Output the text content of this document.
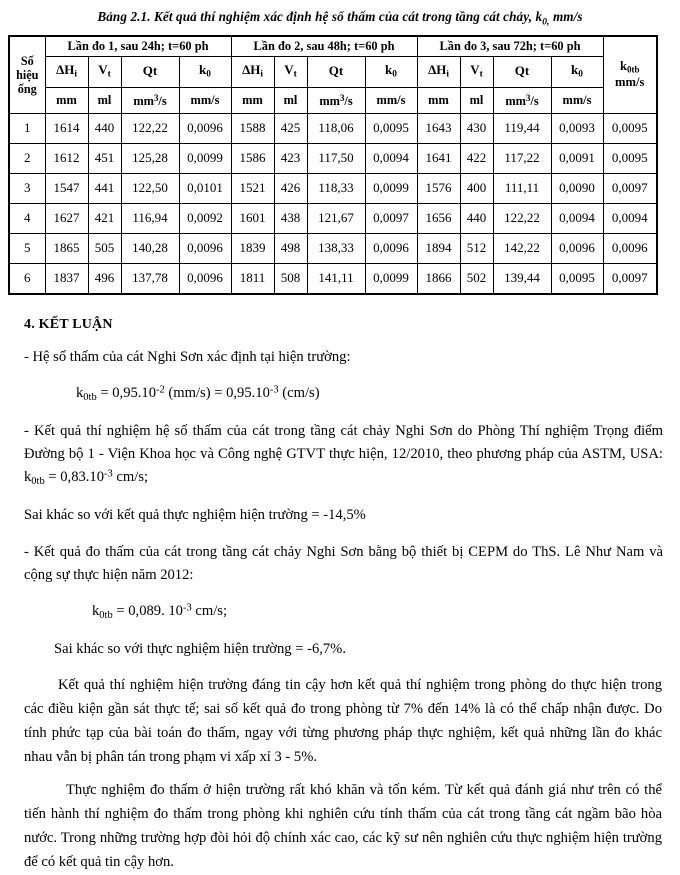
Bảng 2.1. Kết quả thí nghiệm xác định hệ số thấm của cát trong tầng cát chảy, $k_{0,}$ mm/s
Số hiệu ống	Lần đo 1, sau 24h; t=60 ph				Lần đo 2, sau 48h; t=60 ph				Lần đo 3, sau 72h; t=60 ph				$k_{0tb}$
mm/s
	$\Delta H_i$	$V_t$	Qt	$k_0$	$\Delta H_i$	$V_t$	Qt	$k_0$	$\Delta H_i$	$V_t$	Qt	$k_0$
	mm	ml	$mm^3/s$	mm/s	mm	ml	$mm^3/s$	mm/s	mm	ml	$mm^3/s$	mm/s	
1	1614	440	122,22	0,0096	1588	425	118,06	0,0095	1643	430	119,44	0,0093	0,0095
2	1612	451	125,28	0,0099	1586	423	117,50	0,0094	1641	422	117,22	0,0091	0,0095
3	1547	441	122,50	0,0101	1521	426	118,33	0,0099	1576	400	111,11	0,0090	0,0097
4	1627	421	116,94	0,0092	1601	438	121,67	0,0097	1656	440	122,22	0,0094	0,0094
5	1865	505	140,28	0,0096	1839	498	138,33	0,0096	1894	512	142,22	0,0096	0,0096
6	1837	496	137,78	0,0096	1811	508	141,11	0,0099	1866	502	139,44	0,0095	0,0097
4. KẾT LUẬN

- Hệ số thấm của cát Nghi Sơn xác định tại hiện trường:

$k_{0tb} = 0,95.10^{-2}$ $(mm/s) = 0,95.10^{-3}$ (cm/s)

- Kết quả thí nghiệm hệ số thấm của cát trong tầng cát chảy Nghi Sơn do Phòng Thí nghiệm Trọng điểm Đường bộ 1 - Viện Khoa học và Công nghệ GTVT thực hiện, 12/2010, theo phương pháp của ASTM, USA: $k_{0tb} = 0,83.10^{-3}$ cm/s;

Sai khác so với kết quả thực nghiệm hiện trường = -14,5%

- Kết quả đo thấm của cát trong tầng cát chảy Nghi Sơn bằng bộ thiết bị CEPM do ThS. Lê Như Nam và cộng sự thực hiện năm 2012:

$k_{0tb} = 0,089$. $10^{-3}$ cm/s;

Sai khác so với thực nghiệm hiện trường = -6,7%.

Kết quả thí nghiệm hiện trường đáng tin cậy hơn kết quả thí nghiệm trong phòng do thực hiện trong các điều kiện gần sát thực tế; sai số kết quả đo trong phòng từ 7% đến 14% là có thể chấp nhận được. Do tính phức tạp của bài toán đo thấm, ngay với từng phương pháp thực nghiệm, kết quả những lần đo khác nhau vẫn bị phân tán trong phạm vi xấp xỉ 3 - 5%.

Thực nghiệm đo thấm ở hiện trường rất khó khăn và tốn kém. Từ kết quả đánh giá như trên có thể tiến hành thí nghiệm đo thấm trong phòng khi nghiên cứu tính thấm của cát trong tầng cát ngầm bão hòa nước. Trong những trường hợp đòi hỏi độ chính xác cao, các kỹ sư nên nghiên cứu thực nghiệm hiện trường để có kết quả tin cậy hơn.
